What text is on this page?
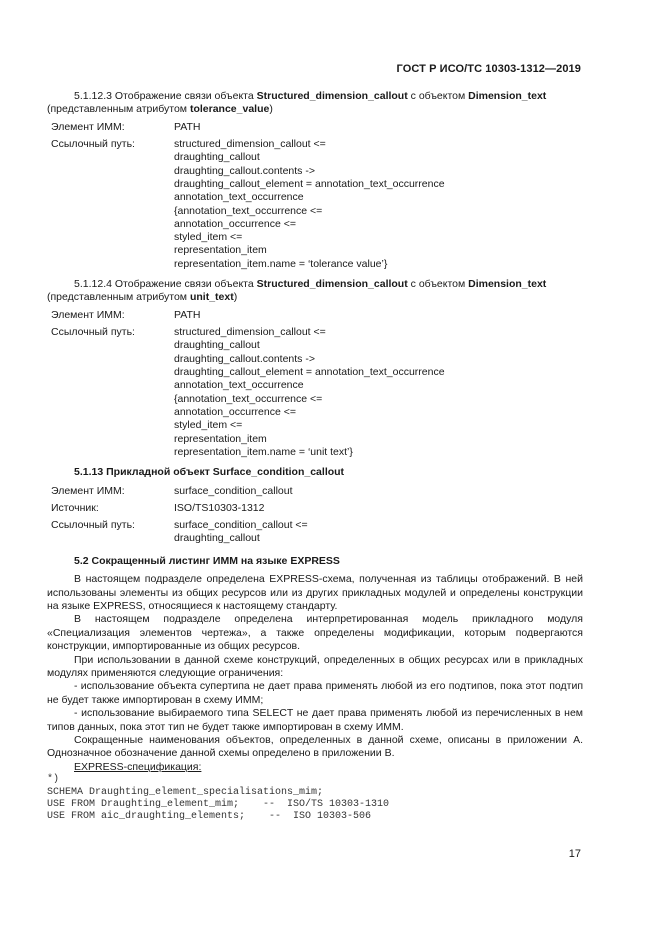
ГОСТ Р ИСО/ТС 10303-1312—2019

5.1.12.3 Отображение связи объекта Structured_dimension_callout с объектом Dimension_text

(представленным атрибутом tolerance_value)

Элемент ИММ:	PATH
Ссылочный путь:	structured_dimension_callout <=
draughting_callout
draughting_callout.contents ->
draughting_callout_element = annotation_text_occurrence
annotation_text_occurrence
{annotation_text_occurrence <=
annotation_occurrence <=
styled_item <=
representation_item
representation_item.name = ‘tolerance value’}

5.1.12.4 Отображение связи объекта Structured_dimension_callout с объектом Dimension_text

(представленным атрибутом unit_text)

Элемент ИММ:	PATH
Ссылочный путь:	structured_dimension_callout <=
draughting_callout
draughting_callout.contents ->
draughting_callout_element = annotation_text_occurrence
annotation_text_occurrence
{annotation_text_occurrence <=
annotation_occurrence <=
styled_item <=
representation_item
representation_item.name = ‘unit text’}

5.1.13 Прикладной объект Surface_condition_callout

Элемент ИММ:	surface_condition_callout
Источник:	ISO/TS10303-1312
Ссылочный путь:	surface_condition_callout <=
draughting_callout

5.2 Сокращенный листинг ИММ на языке EXPRESS

В настоящем подразделе определена EXPRESS-схема, полученная из таблицы отображений. В ней использованы элементы из общих ресурсов или из других прикладных модулей и определены конструкции на языке EXPRESS, относящиеся к настоящему стандарту.

В настоящем подразделе определена интерпретированная модель прикладного модуля «Специализация элементов чертежа», а также определены модификации, которым подвергаются конструкции, импортированные из общих ресурсов.

При использовании в данной схеме конструкций, определенных в общих ресурсах или в прикладных модулях применяются следующие ограничения:

- использование объекта супертипа не дает права применять любой из его подтипов, пока этот подтип не будет также импортирован в схему ИММ;

- использование выбираемого типа SELECT не дает права применять любой из перечисленных в нем типов данных, пока этот тип не будет также импортирован в схему ИММ.

Сокращенные наименования объектов, определенных в данной схеме, описаны в приложении А. Однозначное обозначение данной схемы определено в приложении В.

EXPRESS-спецификация:

*)
SCHEMA Draughting_element_specialisations_mim;
USE FROM Draughting_element_mim;    --  ISO/TS 10303-1310
USE FROM aic_draughting_elements;    --  ISO 10303-506
17
